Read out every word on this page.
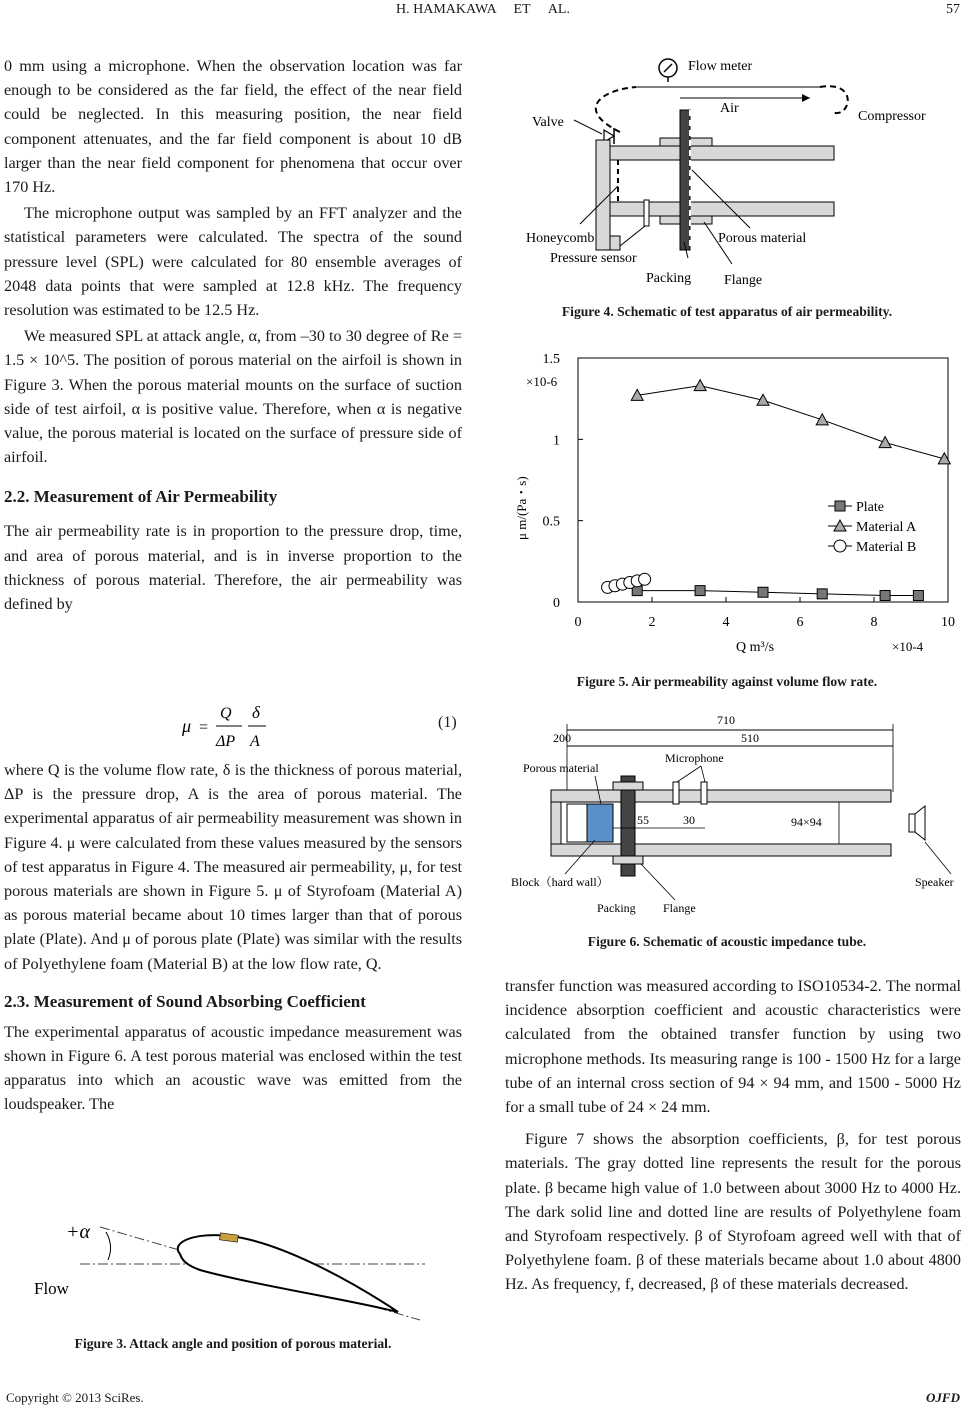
H. HAMAKAWA  ET  AL.	57

0 mm using a microphone. When the observation location was far enough to be considered as the far field, the effect of the near field could be neglected. In this measuring position, the near field component attenuates, and the far field component is about 10 dB larger than the near field component for phenomena that occur over 170 Hz.

The microphone output was sampled by an FFT analyzer and the statistical parameters were calculated. The spectra of the sound pressure level (SPL) were calculated for 80 ensemble averages of 2048 data points that were sampled at 12.8 kHz. The frequency resolution was estimated to be 12.5 Hz.

We measured SPL at attack angle, α, from –30 to 30 degree of Re = 1.5 × 10^5. The position of porous material on the airfoil is shown in Figure 3. When the porous material mounts on the surface of suction side of test airfoil, α is positive value. Therefore, when α is negative value, the porous material is located on the surface of pressure side of airfoil.

2.2. Measurement of Air Permeability

The air permeability rate is in proportion to the pressure drop, time, and area of porous material, and is in inverse proportion to the thickness of porous material. Therefore, the air permeability was defined by

μ =
Q
ΔP
δ
A
(1)

where Q is the volume flow rate, δ is the thickness of porous material, ΔP is the pressure drop, A is the area of porous material. The experimental apparatus of air permeability measurement was shown in Figure 4. μ were calculated from these values measured by the sensors of test apparatus in Figure 4. The measured air permeability, μ, for test porous materials are shown in Figure 5. μ of Styrofoam (Material A) as porous material became about 10 times larger than that of porous plate (Plate). And μ of porous plate (Plate) was similar with the results of Polyethylene foam (Material B) at the low flow rate, Q.

2.3. Measurement of Sound Absorbing Coefficient

The experimental apparatus of acoustic impedance measurement was shown in Figure 6. A test porous material was enclosed within the test apparatus into which an acoustic wave was emitted from the loudspeaker. The

+α
Flow
Figure 3. Attack angle and position of porous material.
Flow meter
Air
Valve	Compressor
Honeycomb
Pressure sensor
Porous material
Packing Flange
Figure 4. Schematic of test apparatus of air permeability.
0	2	4	6	8	10
0
0.5
1
1.5
×10-6
×10-4
Q m³/s
μ m/(Pa・s)	Plate
Material A
Material B
Figure 5. Air permeability against volume flow rate.
710
200	510
Microphone
Porous material
55	30	94×94
Speaker
Block（hard wall）
Packing Flange
Figure 6. Schematic of acoustic impedance tube.

transfer function was measured according to ISO10534-2. The normal incidence absorption coefficient and acoustic characteristics were calculated from the obtained transfer function by using two microphone methods. Its measuring range is 100 - 1500 Hz for a large tube of an internal cross section of 94 × 94 mm, and 1500 - 5000 Hz for a small tube of 24 × 24 mm.

Figure 7 shows the absorption coefficients, β, for test porous materials. The gray dotted line represents the result for the porous plate. β became high value of 1.0 between about 3000 Hz to 4000 Hz. The dark solid line and dotted line are results of Polyethylene foam and Styrofoam respectively. β of Styrofoam agreed well with that of Polyethylene foam. β of these materials became about 1.0 about 4800 Hz. As frequency, f, decreased, β of these materials decreased.

Copyright © 2013 SciRes.	OJFD
